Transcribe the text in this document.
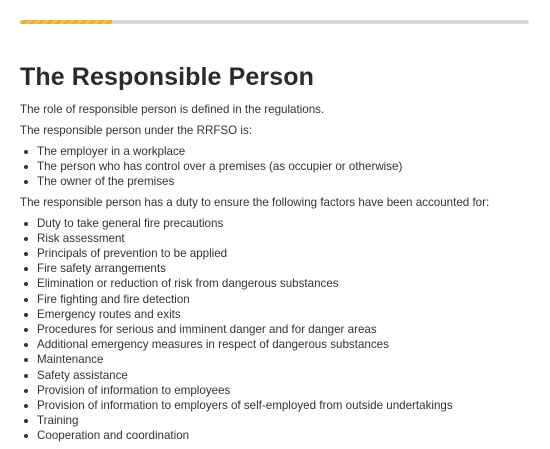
The Responsible Person

The role of responsible person is defined in the regulations.

The responsible person under the RRFSO is:

The employer in a workplace
The person who has control over a premises (as occupier or otherwise)
The owner of the premises

The responsible person has a duty to ensure the following factors have been accounted for:

Duty to take general fire precautions
Risk assessment
Principals of prevention to be applied
Fire safety arrangements
Elimination or reduction of risk from dangerous substances
Fire fighting and fire detection
Emergency routes and exits
Procedures for serious and imminent danger and for danger areas
Additional emergency measures in respect of dangerous substances
Maintenance
Safety assistance
Provision of information to employees
Provision of information to employers of self-employed from outside undertakings
Training
Cooperation and coordination
